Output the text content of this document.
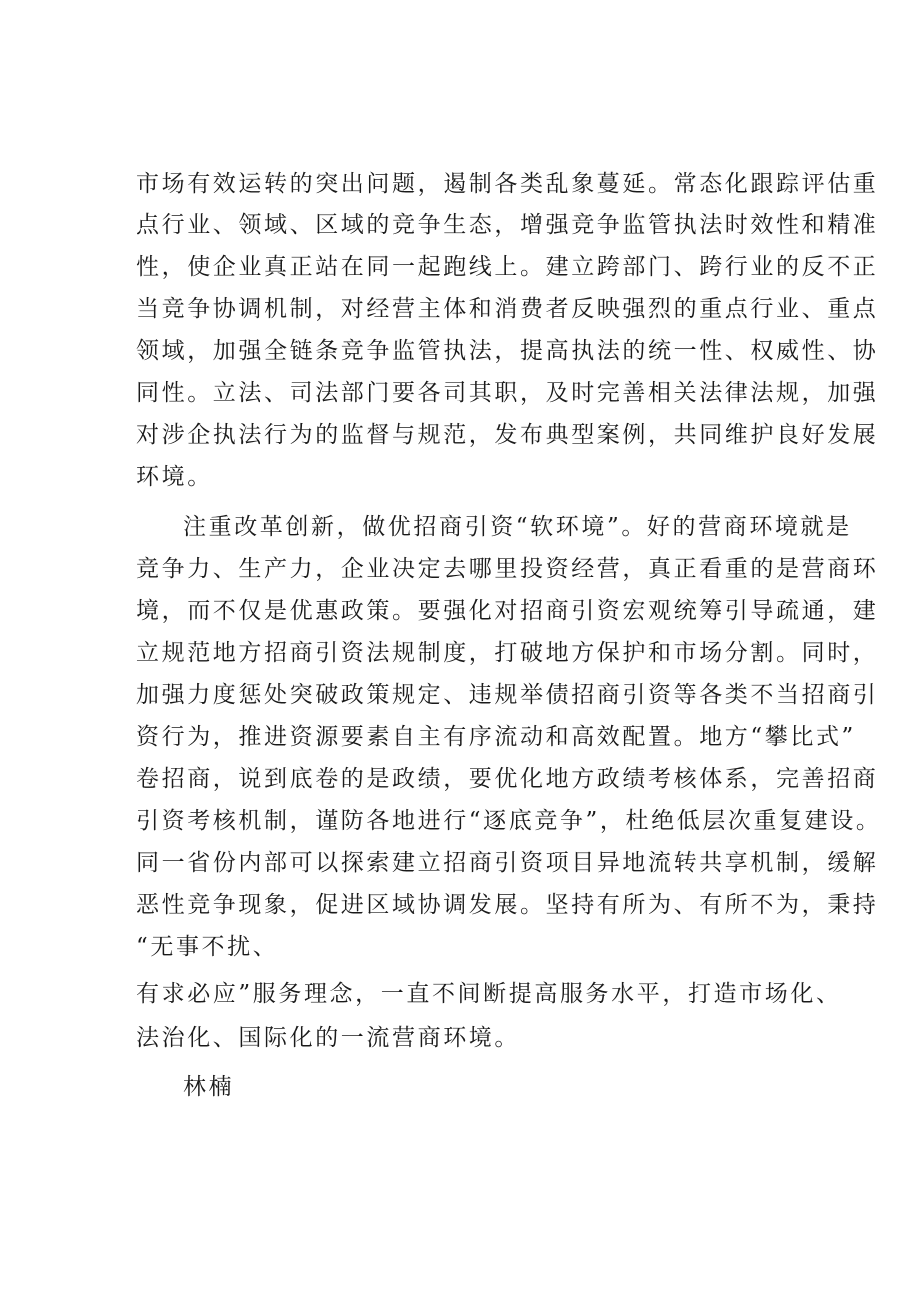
市场有效运转的突出问题，遏制各类乱象蔓延。常态化跟踪评估重
点行业、领域、区域的竞争生态，增强竞争监管执法时效性和精准
性，使企业真正站在同一起跑线上。建立跨部门、跨行业的反不正
当竞争协调机制，对经营主体和消费者反映强烈的重点行业、重点
领域，加强全链条竞争监管执法，提高执法的统一性、权威性、协
同性。立法、司法部门要各司其职，及时完善相关法律法规，加强
对涉企执法行为的监督与规范，发布典型案例，共同维护良好发展
环境。
注重改革创新，做优招商引资“软环境”。好的营商环境就是
竞争力、生产力，企业决定去哪里投资经营，真正看重的是营商环
境，而不仅是优惠政策。要强化对招商引资宏观统筹引导疏通，建
立规范地方招商引资法规制度，打破地方保护和市场分割。同时，
加强力度惩处突破政策规定、违规举债招商引资等各类不当招商引
资行为，推进资源要素自主有序流动和高效配置。地方“攀比式”
卷招商，说到底卷的是政绩，要优化地方政绩考核体系，完善招商
引资考核机制，谨防各地进行“逐底竞争”，杜绝低层次重复建设。
同一省份内部可以探索建立招商引资项目异地流转共享机制，缓解
恶性竞争现象，促进区域协调发展。坚持有所为、有所不为，秉持
“无事不扰、
有求必应”服务理念，一直不间断提高服务水平，打造市场化、
法治化、国际化的一流营商环境。
林楠
